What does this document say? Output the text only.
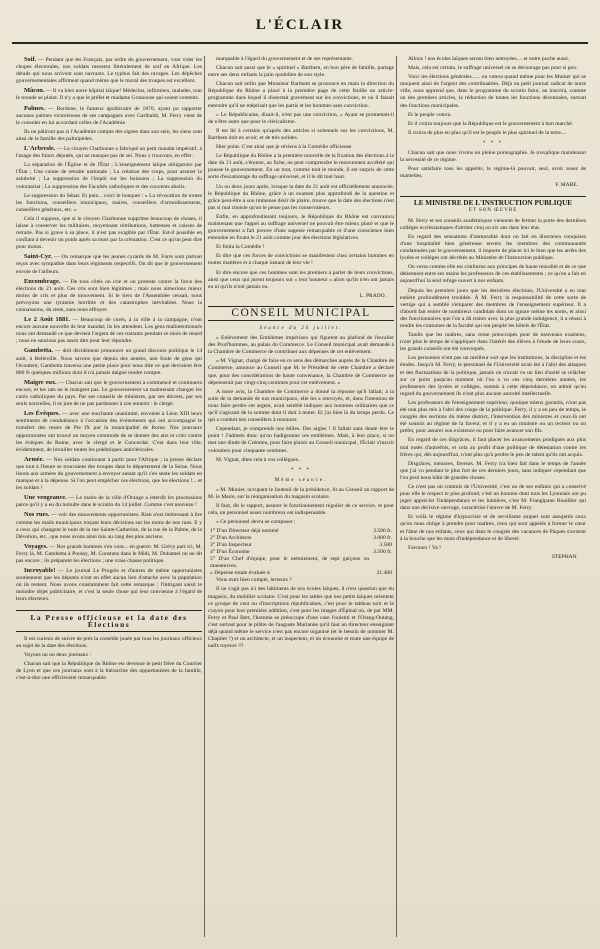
L'ÉCLAIR

Soif. — Pendant que les Français, par ordre du gouvernement, vont vider les chopes électorales, nos soldats meurent littéralement de soif en Afrique. Les détails qui nous arrivent sont navrants. Le typhus fait des ravages. Les dépêches gouvernementales affirment quand même que le moral des troupes est excellent.

Mâcon. — Il va bien notre hôpital laïque! Médecins, infirmiers, malades, tout le monde se plaint. Il n'y a que le préfet et madame Grassouse qui soient contents.

Palmes. — Bordone, le fameux apothicaire de 1870, ayant pu rapporter aucunes palmes victorieuses de ses campagnes avec Garibaldi, M. Ferry vient de le consoler en lui accordant celles de l'Académie.

Ils ne pâliront pas si l'Académie compte des signes dans son sein, les siens sont ainsi de la famille des palmipèdes.

L'Arbresle. — Le citoyen Charbonne a fabriqué un petit mandat impératif, à l'usage des futurs députés, qui ne manque pas de sel. Nous y trouvons, en effet :

La séparation de l'Église et de l'État ; L'enseignement laïque obligatoire par l'État ; Une caisse de retraite nationale ; La création des corps, pour assurer la salubrité ; La suppression de l'impôt sur les boissons ; La suppression du volontariat ; La suppression des Facultés catholiques et des couvents abolis.

Le suppression du Sénat. Et puis... voici le bouquet : « La révocation de toutes les fonctions, conseillers municipaux, maires, conseillers d'arrondissements, conseillers généraux, etc. »

Cela il suppose, que si le citoyen Charbonne supprime beaucoup de choses, il laisse à conserver les militaires, moyennant rétributions, batteuses et caisses de retraite. Pas si grave à sa place, il n'est pas exigible par l'État. Est-il possible en confiant à devenir un poids après sa mort par la crémation. C'est ce qu'on peut dire pour moins.

Saint-Cyr. — On remarque que les jeunes cyrards de M. Farre sont partout reçus avec sympathie dans leurs régiments respectifs. On dit que le gouvernement envoie de l'ailleurs.

Encombrage. — De tous côtés on crie et on proteste contre la force des élections du 21 août. Ces cris sont bien légitimes ; mais nous aimerions mieux moins de cris et plus de mouvement. Si le tiers de l'Assemblée cessait, nous prévoyons une tyrannie horrible et des catastrophes inévitables. Nous la connaissons, du reste, sans nous effrayer.

Le 2 Août 1881. — Beaucoup de curés, à la ville à la campagne, n'ont encore aucune nouvelle de leur mandat; ils les attendent. Les gens malintentionnés nous ont demandé ce que devient l'argent de ces traitants pendant ce mois de retard ; nous ne saurions pas assez dire pour leur répondre.

Gambetta. — doit décidément prononcer un grand discours politique le 14 août, à Belleville. Nous savons que depuis des années, une foule de gens qui l'écoutent, Gambetta traversa une petite place pour nous dire ce que devraient être 800 N quelques millions dont il n'a jamais daigné rendre compte.

Maigre eux. — Chacun sait que le gouvernement a commencé et continuera encore, et les rats ne le mangent pas. Le gouvernement va maintenant changer les curés catholiques du pays. Par ses conseils de ministres, par ses décrets, par ses seuls nouvelles, il se jure de ne pas pardonner à son ennemi : le clergé.

Les Évêques. — avec une touchante unanimité, envoient à Léon XIII leurs sentiments de condoléance à l'occasion des événements qui ont accompagné le transfert des restes de Pie IX par la municipalité de Rome. Nos journaux opportunistes ont trouvé un moyen commode de se donner des airs et crier contre les évêques de Rome, avec le clergé et le Concordat. C'est dans leur rôle, évidemment, de brouiller toutes les polémiques anticléricales.

Armée. — Nos soldats continuent à partir pour l'Afrique ; la presse déclare que tout à l'heure se trouvaient des troupes dans le département de la Seine. Nous lisons aux armées du gouvernement à envoyer autant qu'il s'en sente les soldats en manque et à la dépense. Si l'on peut empêcher ces élections, que les élections !... et les soldats !

Une vengeance. — Le maire de la ville d'Orange a interdit les processions parce qu'il y a eu du tumulte dans le scrutin du 14 juillet. Comme c'est nouveau !

Nos rues. — voir des mouvements opportunistes. Rien n'est intéressant à lire comme les mails municipaux traçant leurs décisions sur les noms de nos rues. Il y a ceux qui changent le nom de la rue Sainte-Catherine, de la rue de la Palme, de la Dévotion, etc., que nous avons ainsi mis au rang des plus anciens.

Voyages. — Nos grands hommes s'en vont... en guerre. M. Grévy part ici, M. Ferry là, M. Gambetta à Poussy, M. Constans dans le Midi, M. Duhamel on ne dit pas encore ; ils préparent les élections ; une vraie chasse politique.

Incroyable! — Le journal Le Progrès et d'autres de même opportunistes soutiennent que les députés n'ont en effet aucun lien d'attache avec la population où ils restent. Nous avons constamment fait cette remarque ; l'intrigant saisit le moindre objet publicitaire, et c'est la seule chose qui leur convienne à l'égard de leurs électeurs.

La Presse officieuse et la date des Élections

Il est curieux de suivre de près la comédie jouée par tous les journaux officieux au sujet de la date des élections.

Voyons un ou deux journaux :

Chacun sait que la République du Rhône est devenue le petit frère du Courrier de Lyon et que ces journaux sont à la hiérarchie des opportunistes de la famille, c'est-à-dire une officieusité remarquable.

marquable à l'égard du gouvernement et de ses représentants.

Chacun sait aussi que le « spirituel » Barthem, en bon père de famille, partage entre ses deux enfants la pain quotidien de son style.

Chacun sait enfin que Monsieur Barthem se prononcé en main la direction du République du Rhône a placé à la première page de cette feuille un article-programme dans lequel il dissertait gravement sur les convictions, et où il faisait entendre qu'il ne méprisait que les partis et les hommes sans conviction.

« Le Républicaine, disait-il, n'est pas une conviction, » Ayant se promettait-il de n'être autre que pour le cléricalisme.

Il est lié à certains qu'après des articles si solennels sur les convictions, M. Barthem doit en avoir, et de très solides.

Hier point. C'est ainsi que je réviens à la Comédie officieuse.

Le République du Rhône a la première nouvelle de la fixation des élections à la date du 21 août, s'étonne, au fiche, ne peut comprendre le mouvement accéléré qui pousse le gouvernement. En un mot, comme tout le monde, il est surpris de cette sorte d'escamotage du suffrage universel, et il le dit tout haut.

Un ou deux jours après, lorsque la date du 21 août est officiellement annoncée, le République du Rhône, grâce à un examen plus approfondi de la question et grâce peut-être à son immense désir de plaire, trouve que la date des élections n'est pas si mal choisie qu'on le pense pas les conservateurs.

Enfin, en approfondissant toujours, le République du Rhône est convaincu maintenant que l'appel au suffrage universel ne pouvait être mieux placé et que le gouvernement a fait preuve d'une sagesse remarquable et d'une conscience bien entendue en fixant le 21 août comme jour des élections législatives.

Et finita la Comédie !

Et dire que ces forces de convictions se manifestent chez certains hommes en toutes matières et à chaque instant de leur vie !

Et dire encore que ces hommes sont les premiers à parler de leurs convictions, ainsi que ceux qui jurent toujours sur « leur honneur » alors qu'ils n'en ont jamais eu ni qu'ils n'ont jamais eu.

L. PRADO.
CONSEIL MUNICIPAL
Séance du 26 juillet.

« Enlèvement des Emblèmes impériaux qui figurent au plafond de l'escalier des Prud'hommes, au palais du Commerce. Le Conseil municipal avait demandé à la Chambre de Commerce de contribuer aux dépenses de cet enlèvement.

« M. Vignat, chargé de faire en ce sens des démarches auprès de la Chambre de Commerce, annonce au Conseil que M. le Président de cette Chambre a déclaré que, pour des considérations de haute convenance, la Chambre de Commerce ne dépenserait pas vingt-cinq centimes pour cet enlèvement. »

A notre avis, la Chambre de Commerce a donné la réponse qu'il fallait; à la suite de la demande de nos municipaux, elle les a renvoyés, et, dans l'intention de nous faire perdre cet argent, avait semblé indiquer aux hommes ordinaires que ce qu'il s'agissait de la somme dont il doit à tenter. Et j'ai bien là du temps perdu. Ce qui a conduit nos conseillers à renoncer.

Cependant, je comprends nos édiles. Des aigles ! Il fallait sans doute être le point ! J'admets donc qu'on badigeonne ces emblèmes. Mais, à leur place, si on met une dinde de Crémieu, pour faire plaisir au Conseil municipal, l'Éclair s'inscrit volontiers pour cinquante centimes.

M. Vignat, dites cela à vos collègues.

* * *
Même séance.

« M. Munier, occupant le fauteuil de la présidence, lit au Conseil un rapport de M. le Maire, sur la réorganisation du magasin scolaire.

Il faut, dit le rapport, assurer le fonctionnement régulier de ce service, et pour cela, un personnel assez nombreux est indispensable.

« Ce personnel devra se composer :

1° D'un Directeur déjà nommé	3.500 fr.
2° D'un Architecte	3.000 fr.
3° D'un Inspecteur	3.500
4° D'un Économe	3.500 fr.
5° D'un Chef d'équipe, pour le nettoiement, de sept garçons ou manœuvres.	
« Dépense totale évaluée à	21.400

Vous avez bien compté, lecteurs ?

Il ne s'agit pas ici des bâtiments de nos écoles laïques, il n'est question que du magasin, du mobilier scolaire. C'est pour les tables que nos petits laïques orientent ce groupe de cent ou d'inscriptions républicaines, c'est pour le tableau noir et le crayon pour leur première addition, c'est pour les images d'Épinal où, de par MM. Ferry et Paul Bert, l'homme se préoccupe d'une case l'ouistiti et l'Orang-Outang, c'est surtout pour le plâtre de l'auguste Marianne qu'il faut un directeur enseignant déjà quand même le service n'est pas encore organisé (et le besoin de nommer M. Chapitet ?) et un architecte, et un inspecteur, et un économe et toute une équipe de naïfs toyeurs !!!

Allons ! nos écoles laïques seront bien nettoyées.... et notre poche aussi.

Mais, cela est certain, le suffrage universel ne se décourage pas pour si peu.

Voici les élections générales...... ou votera quand même pour les Munier qui se moquent ainsi de l'argent des contribuables. Déjà un petit journal radical de notre ville, nous apprend que, dans le programme du scrutin futur, on inscrira, comme un des premiers articles, la réduction de toutes les fonctions décennales, surtout des fonctions municipales.

Et le peuple votera.

Et il croira toujours que la République est le gouvernement à bon marché.

Il croira de plus en plus qu'il est le peuple le plus spirituel de la terre....

* * *

Chacun sait que nous vivons en pleine pornographie. Je n'explique maintenant la nécessité de ce régime.

Pour satisfaire tous les appétits, le régime-là pouvait, seul, avoir assez de mamelles.

F. MARE.
LE MINISTRE DE L'INSTRUCTION PUBLIQUE
ET SON ŒUVRE

M. Ferry et ses conseils académiques viennent de fermer la porte des dernières collèges ecclésiastiques d'abriter cinq ou six ans dans leur état.

En regard des sensations d'immoralité dont on fait en directeurs conquises d'une hospitalité bien généreuse envers les membres des communautés condamnées par le gouvernement, il importe de placer ici le bien que les arrêts des lycées et collèges ont décrétés au Ministère de l'Instruction publique.

On verra comme elle est conforme aux principes de haute moralité et de ce que détiennent entre ses mains les professeurs de ces établissements ; ce qu'on a fait en aujourd'hui la seul refuge ouvert à nos enfants.

Depuis les premiers jours que les dernières élections, l'Université a eu tout entière profondément troublée. À M. Ferry la responsabilité de cette sorte de vertige qui a semblé s'emparer des membres de l'enseignement supérieur. Il a d'abord fait entrer de nombreux candidats dont on ignore même les noms, et ainsi des fonctionnaires que l'on a dû traiter avec la plus grande indulgence, il a réussi à rendre les coutumes de la faculté qui ont peuplé les hôtels de l'État.

Tandis que les maîtres, sans cesse préoccupés pour de nouveaux examens, n'ont plus le temps de s'appliquer dans l'intérêt des élèves à l'étude de leurs cours, les grands conseils ont été convoqués.

Les personnes n'ont pas un meilleur sort que les institutions, la discipline et les études. Jusqu'à M. Ferry, le personnel de l'Université avait été à l'abri des attaques et des fluctuations de la politique, jamais on n'avait vu un lien d'unité se relâcher sur ce point jusqu'au moment où l'on a vu ces cinq dernières années, les professeurs des lycées et collèges, soumis à cette dépendance, on admit qu'au regard du gouvernement ils n'ont plus aucune autorité intellectuelle.

Les professeurs de l'enseignement supérieur, quoique mieux garantis, n'ont pas été non plus mis à l'abri des coups de la politique. Ferry, il y a eu peu de temps, le congrès des sections du même district, l'intervention des ministres et ceux-là ont été soumis au régime de la faveur, et il y a eu un ministre ou un recteur ou un préfet, pour assurer son existence ou pour faire avancer son fils.

En regard de ces disgrâces, il faut placer les avancements prodigués aux plus mal notés d'autrefois, et cela au profit d'une politique de détestation contre les frères qui, dès aujourd'hui, n'ont plus qu'à perdre le peu de talent qu'ils ont acquis.

Disgrâces, menaces, faveurs. M. Ferry n'a bien fait dans le temps de l'année que j'ai vu pendant le plus fort de ces derniers jours, sans indiquer cependant que l'on peut nous bâtir de grandes choses.

Ce n'est pas un commis de l'Université, c'est un de ses enfants qui a conservé pour elle le respect le plus profond, c'est un homme dont tous les Lyonnais ont pu juger apprécier l'indépendance et les lumières, c'est M. Frangipane Bouillier qui dans une décisive ouvrage, caractérise l'œuvre de M. Ferry.

Et voilà le régime d'hypocrisie et de servilisme auquel sont assujettis ceux qu'on nous oblige à prendre pour maîtres, ceux qui sont appelés à former le cœur et l'âme de nos enfants, ceux qui dans le congrès des vacances de Pâques s'avisent à la bouche que les mots d'indépendance et de liberté.

Farceurs ! Va !

STEPHAN.
